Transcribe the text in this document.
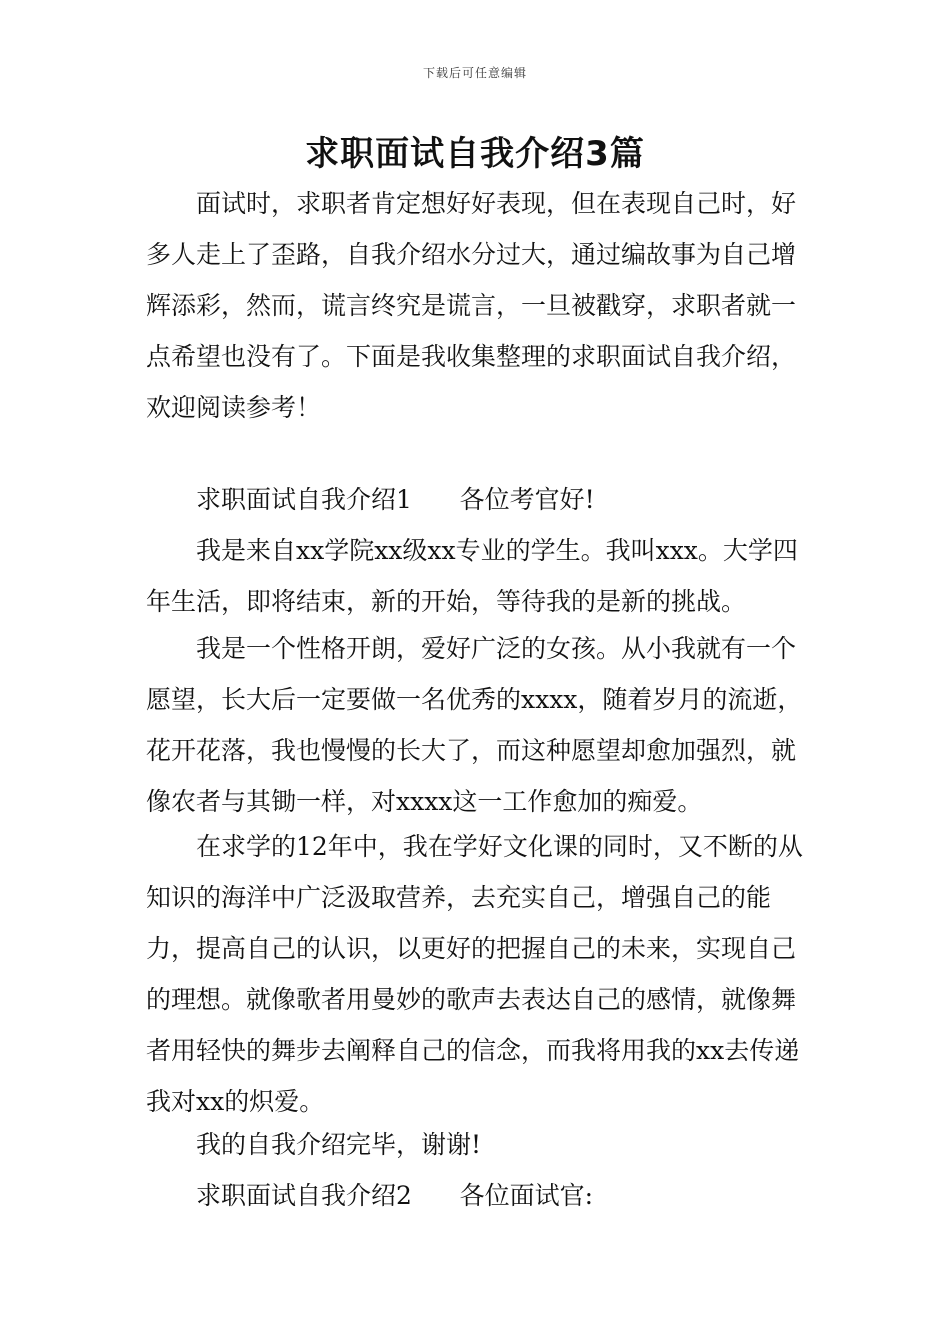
下载后可任意编辑
求职面试自我介绍3篇

面试时，求职者肯定想好好表现，但在表现自己时，好多人走上了歪路，自我介绍水分过大，通过编故事为自己增辉添彩，然而，谎言终究是谎言，一旦被戳穿，求职者就一点希望也没有了。下面是我收集整理的求职面试自我介绍，欢迎阅读参考！

求职面试自我介绍1 各位考官好!

我是来自xx学院xx级xx专业的学生。我叫xxx。大学四年生活，即将结束，新的开始，等待我的是新的挑战。

我是一个性格开朗，爱好广泛的女孩。从小我就有一个愿望，长大后一定要做一名优秀的xxxx，随着岁月的流逝，花开花落，我也慢慢的长大了，而这种愿望却愈加强烈，就像农者与其锄一样，对xxxx这一工作愈加的痴爱。

在求学的12年中，我在学好文化课的同时，又不断的从知识的海洋中广泛汲取营养，去充实自己，增强自己的能力，提高自己的认识，以更好的把握自己的未来，实现自己的理想。就像歌者用曼妙的歌声去表达自己的感情，就像舞者用轻快的舞步去阐释自己的信念，而我将用我的xx去传递我对xx的炽爱。

我的自我介绍完毕，谢谢!
求职面试自我介绍2 各位面试官:
